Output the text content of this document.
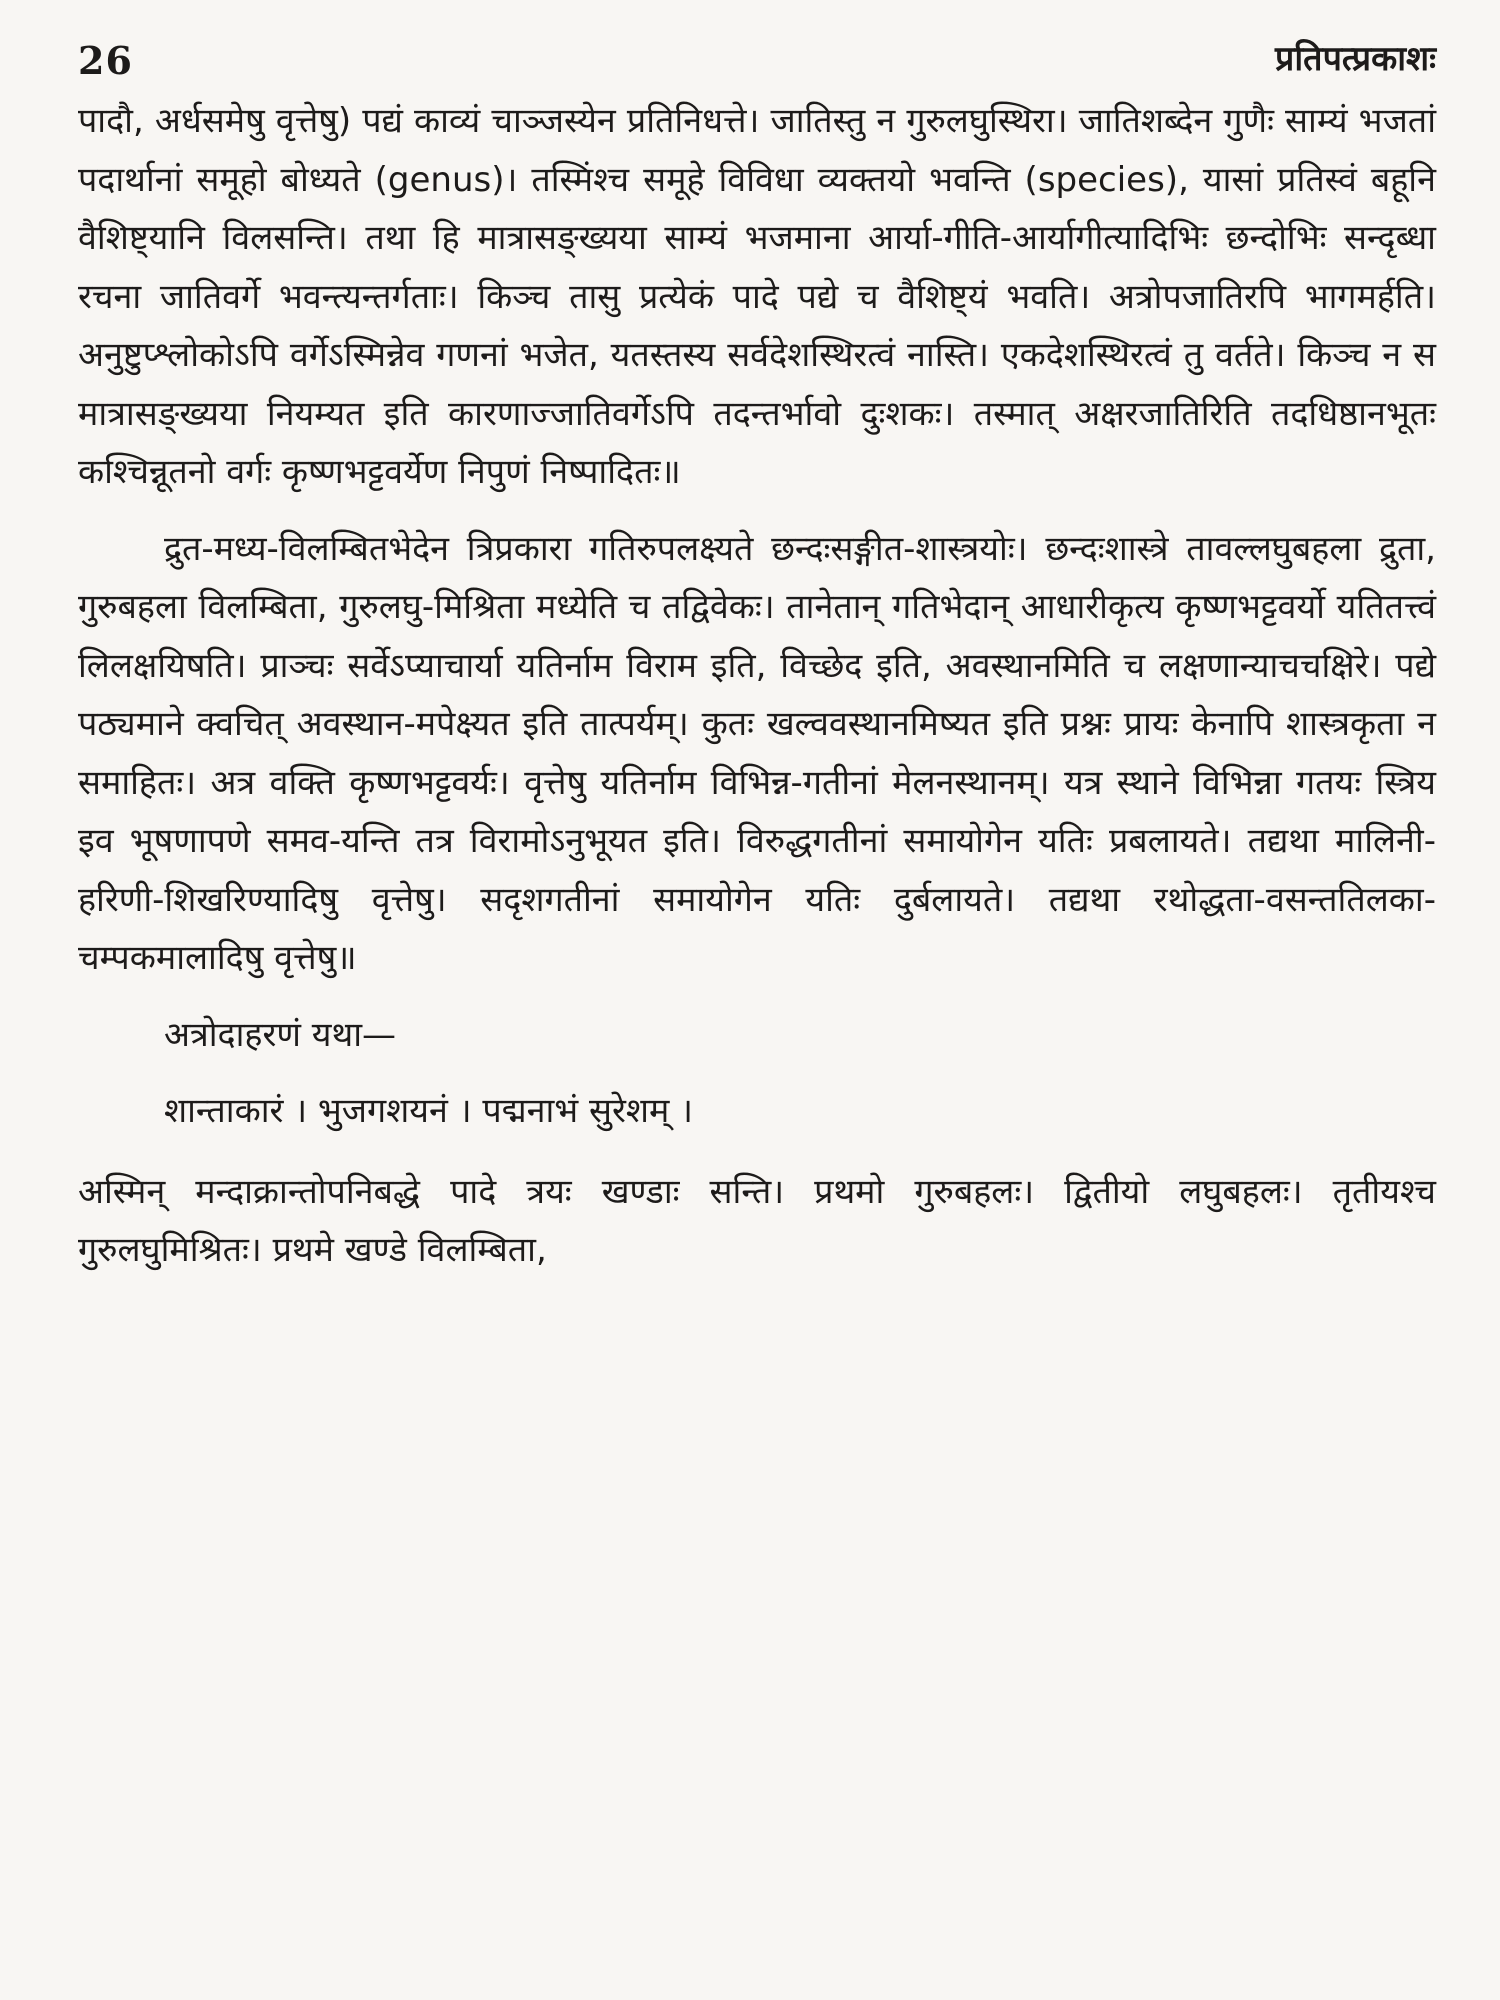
26	प्रतिपत्प्रकाशः

पादौ, अर्धसमेषु वृत्तेषु) पद्यं काव्यं चाञ्जस्येन प्रतिनिधत्ते। जातिस्तु न गुरुलघुस्थिरा। जातिशब्देन गुणैः साम्यं भजतां पदार्थानां समूहो बोध्यते (genus)। तस्मिंश्च समूहे विविधा व्यक्तयो भवन्ति (species), यासां प्रतिस्वं बहूनि वैशिष्ट्यानि विलसन्ति। तथा हि मात्रासङ्ख्यया साम्यं भजमाना आर्या-गीति-आर्यागीत्यादिभिः छन्दोभिः सन्दृब्धा रचना जातिवर्गे भवन्त्यन्तर्गताः। किञ्च तासु प्रत्येकं पादे पद्ये च वैशिष्ट्यं भवति। अत्रोपजातिरपि भागमर्हति। अनुष्टुप्श्लोकोऽपि वर्गेऽस्मिन्नेव गणनां भजेत, यतस्तस्य सर्वदेशस्थिरत्वं नास्ति। एकदेशस्थिरत्वं तु वर्तते। किञ्च न स मात्रासङ्ख्यया नियम्यत इति कारणाज्जातिवर्गेऽपि तदन्तर्भावो दुःशकः। तस्मात् अक्षरजातिरिति तदधिष्ठानभूतः कश्चिन्नूतनो वर्गः कृष्णभट्टवर्येण निपुणं निष्पादितः॥

द्रुत-मध्य-विलम्बितभेदेन त्रिप्रकारा गतिरुपलक्ष्यते छन्दःसङ्गीत-शास्त्रयोः। छन्दःशास्त्रे तावल्लघुबहला द्रुता, गुरुबहला विलम्बिता, गुरुलघु-मिश्रिता मध्येति च तद्विवेकः। तानेतान् गतिभेदान् आधारीकृत्य कृष्णभट्टवर्यो यतितत्त्वं लिलक्षयिषति। प्राञ्चः सर्वेऽप्याचार्या यतिर्नाम विराम इति, विच्छेद इति, अवस्थानमिति च लक्षणान्याचचक्षिरे। पद्ये पठ्यमाने क्वचित् अवस्थान-मपेक्ष्यत इति तात्पर्यम्। कुतः खल्ववस्थानमिष्यत इति प्रश्नः प्रायः केनापि शास्त्रकृता न समाहितः। अत्र वक्ति कृष्णभट्टवर्यः। वृत्तेषु यतिर्नाम विभिन्न-गतीनां मेलनस्थानम्। यत्र स्थाने विभिन्ना गतयः स्त्रिय इव भूषणापणे समव-यन्ति तत्र विरामोऽनुभूयत इति। विरुद्धगतीनां समायोगेन यतिः प्रबलायते। तद्यथा मालिनी-हरिणी-शिखरिण्यादिषु वृत्तेषु। सदृशगतीनां समायोगेन यतिः दुर्बलायते। तद्यथा रथोद्धता-वसन्ततिलका-चम्पकमालादिषु वृत्तेषु॥

अत्रोदाहरणं यथा—

शान्ताकारं । भुजगशयनं । पद्मनाभं सुरेशम् ।

अस्मिन् मन्दाक्रान्तोपनिबद्धे पादे त्रयः खण्डाः सन्ति। प्रथमो गुरुबहलः। द्वितीयो लघुबहलः। तृतीयश्च गुरुलघुमिश्रितः। प्रथमे खण्डे विलम्बिता,
